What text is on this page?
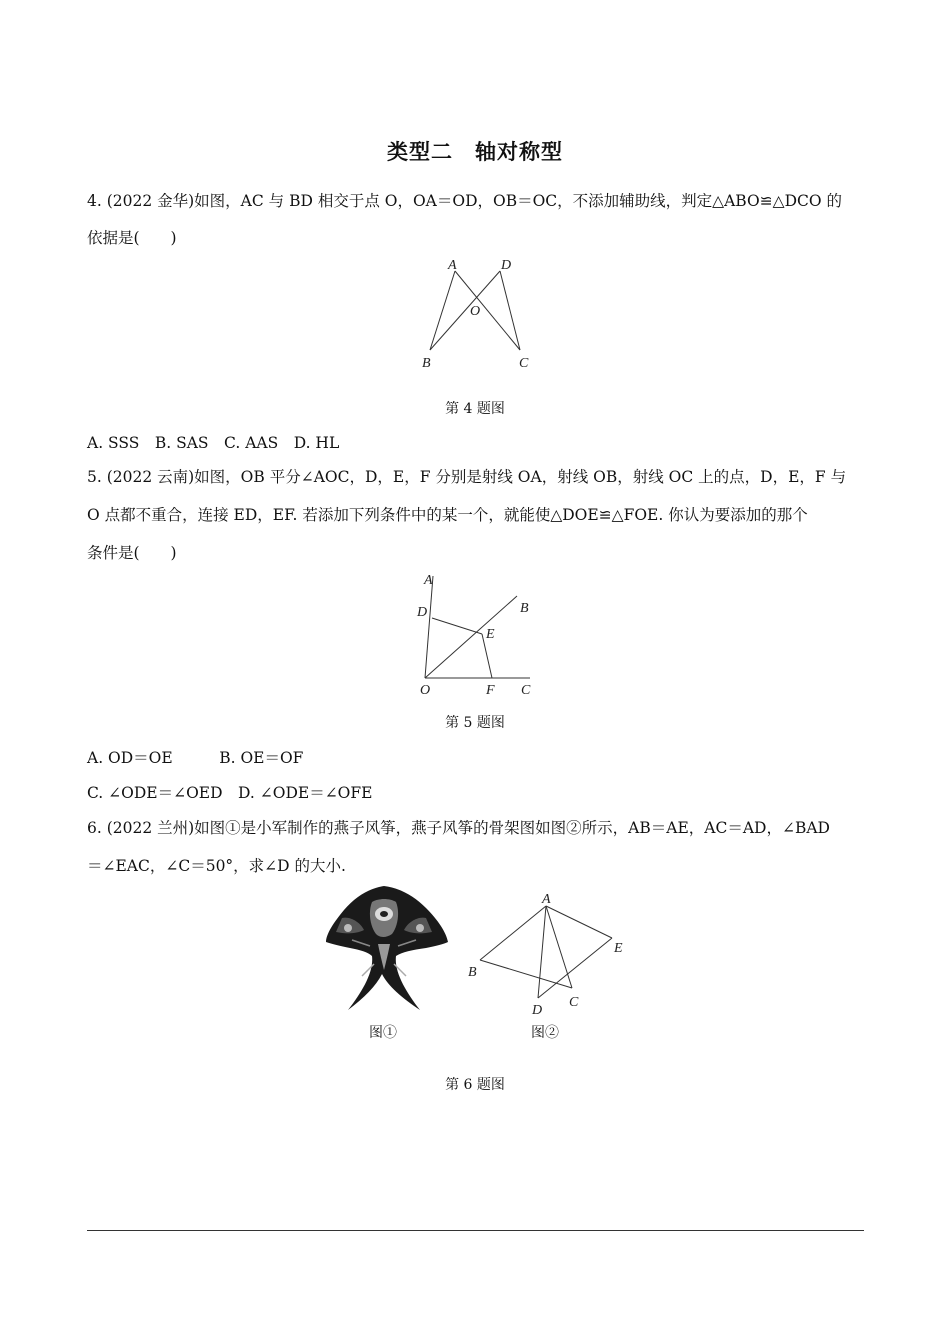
类型二　轴对称型
4. (2022 金华)如图，AC 与 BD 相交于点 O，OA＝OD，OB＝OC，不添加辅助线，判定△ABO≌△DCO 的
依据是(　　)
A	D
O
B	C
第 4 题图
A. SSS　B. SAS　C. AAS　D. HL
5. (2022 云南)如图，OB 平分∠AOC，D，E，F 分别是射线 OA，射线 OB，射线 OC 上的点，D，E，F 与
O 点都不重合，连接 ED，EF. 若添加下列条件中的某一个，就能使△DOE≌△FOE. 你认为要添加的那个
条件是(　　)
A
B
D
E
O	F C
第 5 题图
A. OD＝OE　　　B. OE＝OF
C. ∠ODE＝∠OED　D. ∠ODE＝∠OFE
6. (2022 兰州)如图①是小军制作的燕子风筝，燕子风筝的骨架图如图②所示，AB＝AE，AC＝AD，∠BAD
＝∠EAC，∠C＝50°，求∠D 的大小.
图①
A
B
E
D
C
图②
第 6 题图
